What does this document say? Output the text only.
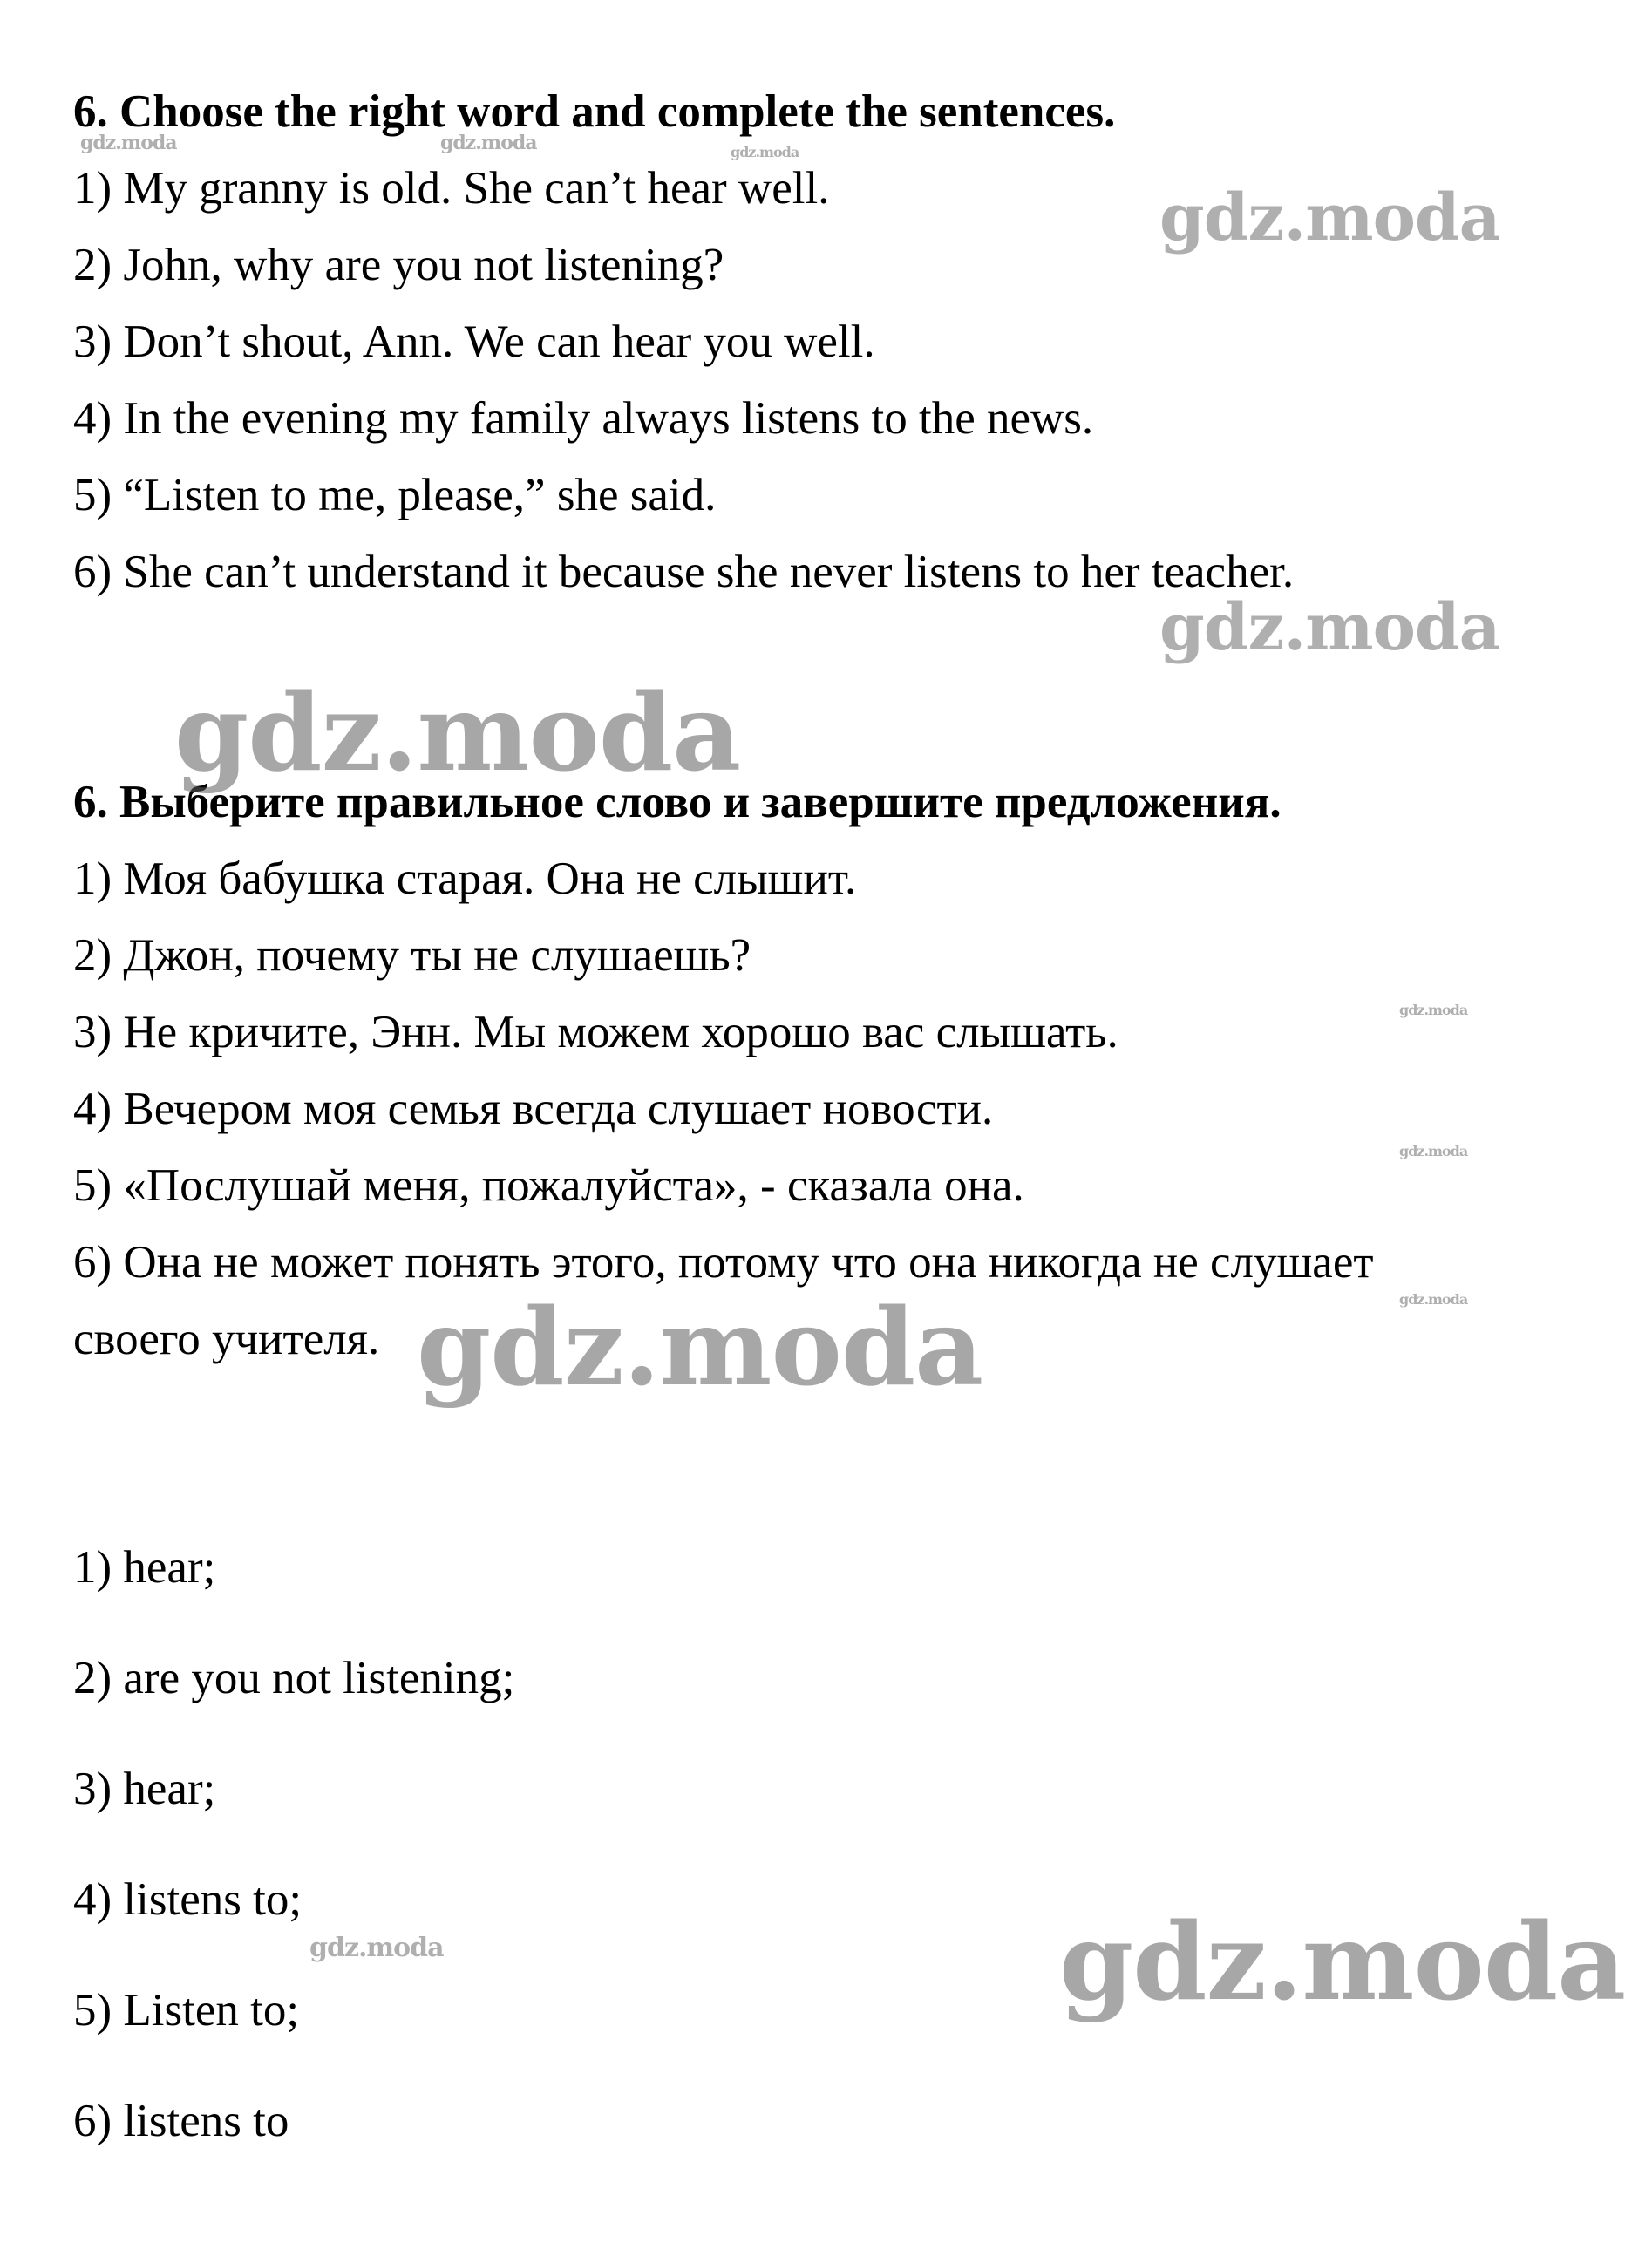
6. Choose the right word and complete the sentences.
1) My granny is old. She can’t hear well.
2) John, why are you not listening?
3) Don’t shout, Ann. We can hear you well.
4) In the evening my family always listens to the news.
5) “Listen to me, please,” she said.
6) She can’t understand it because she never listens to her teacher.
6. Выберите правильное слово и завершите предложения.
1) Моя бабушка старая. Она не слышит.
2) Джон, почему ты не слушаешь?
3) Не кричите, Энн. Мы можем хорошо вас слышать.
4) Вечером моя семья всегда слушает новости.
5) «Послушай меня, пожалуйста», - сказала она.
6) Она не может понять этого, потому что она никогда не слушает
своего учителя.
1) hear;
2) are you not listening;
3) hear;
4) listens to;
5) Listen to;
6) listens to
gdz.moda	gdz.moda	gdz.moda
gdz.moda
gdz.moda
gdz.moda
gdz.moda
gdz.moda
gdz.moda
gdz.moda
gdz.moda	gdz.moda
